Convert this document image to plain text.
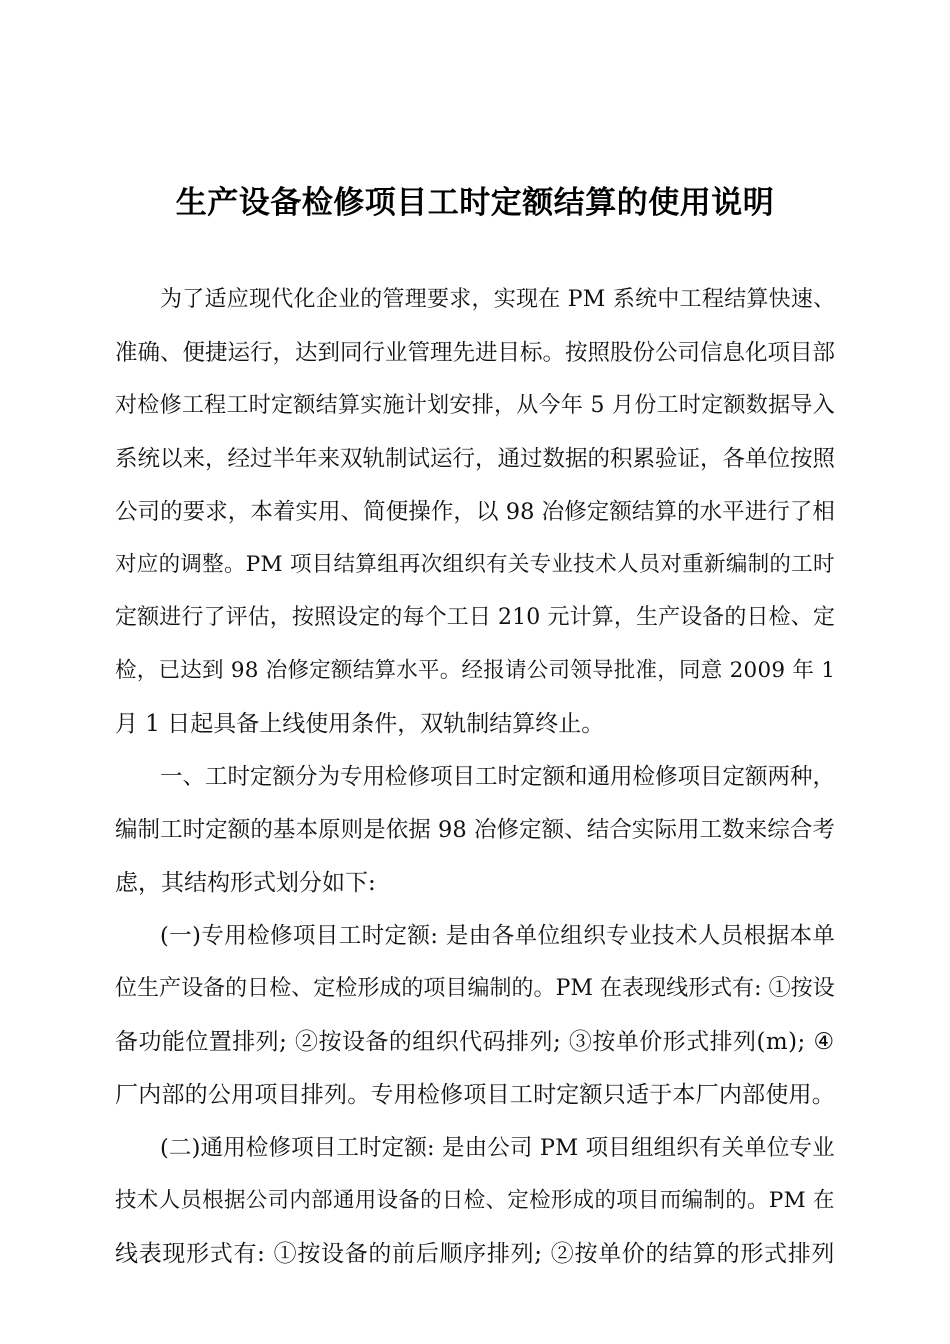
生产设备检修项目工时定额结算的使用说明
为了适应现代化企业的管理要求，实现在 PM 系统中工程结算快速、
准确、便捷运行，达到同行业管理先进目标。按照股份公司信息化项目部
对检修工程工时定额结算实施计划安排，从今年 5 月份工时定额数据导入
系统以来，经过半年来双轨制试运行，通过数据的积累验证，各单位按照
公司的要求，本着实用、简便操作，以 98 冶修定额结算的水平进行了相
对应的调整。PM 项目结算组再次组织有关专业技术人员对重新编制的工时
定额进行了评估，按照设定的每个工日 210 元计算，生产设备的日检、定
检，已达到 98 冶修定额结算水平。经报请公司领导批准，同意 2009 年 1
月 1 日起具备上线使用条件，双轨制结算终止。
一、工时定额分为专用检修项目工时定额和通用检修项目定额两种，
编制工时定额的基本原则是依据 98 冶修定额、结合实际用工数来综合考
虑，其结构形式划分如下:
(一)专用检修项目工时定额: 是由各单位组织专业技术人员根据本单
位生产设备的日检、定检形成的项目编制的。PM 在表现线形式有: ①按设
备功能位置排列; ②按设备的组织代码排列; ③按单价形式排列(m); ④
厂内部的公用项目排列。专用检修项目工时定额只适于本厂内部使用。
(二)通用检修项目工时定额: 是由公司 PM 项目组组织有关单位专业
技术人员根据公司内部通用设备的日检、定检形成的项目而编制的。PM 在
线表现形式有: ①按设备的前后顺序排列; ②按单价的结算的形式排列
